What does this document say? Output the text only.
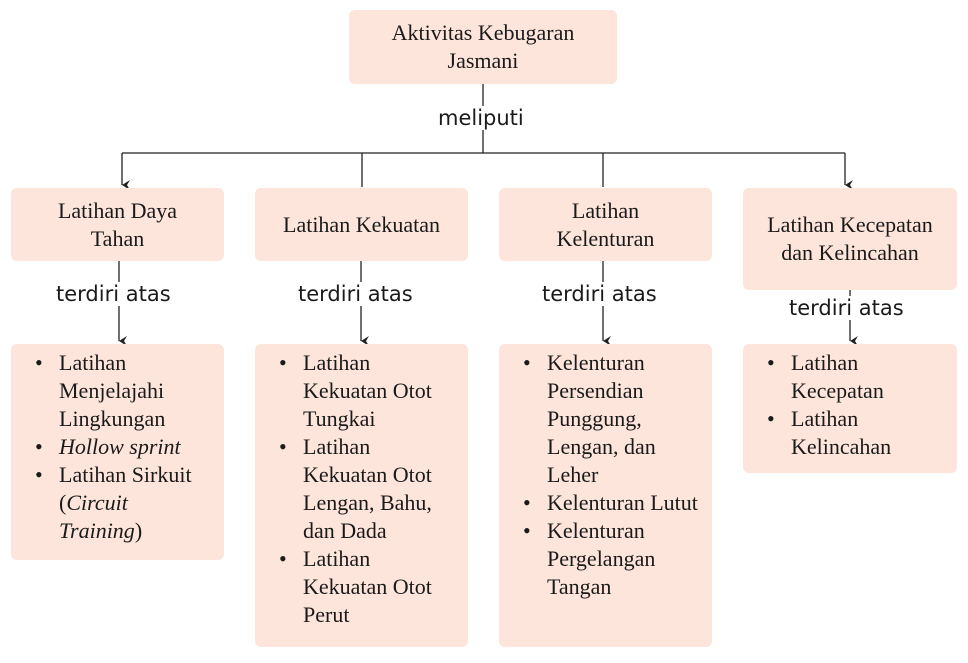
Aktivitas Kebugaran
Jasmani
meliputi
Latihan Daya Tahan
Latihan Kekuatan
Latihan Kelenturan
Latihan Kecepatan dan Kelincahan
terdiri atas	terdiri atas	terdiri atas
terdiri atas
• Latihan Menjelajahi Lingkungan
• Hollow sprint
• Latihan Sirkuit (Circuit Training)
• Latihan Kekuatan Otot Tungkai
• Latihan Kekuatan Otot Lengan, Bahu, dan Dada
• Latihan Kekuatan Otot Perut
• Kelenturan Persendian Punggung, Lengan, dan Leher
• Kelenturan Lutut
• Kelenturan Pergelangan Tangan
• Latihan Kecepatan
• Latihan Kelincahan
